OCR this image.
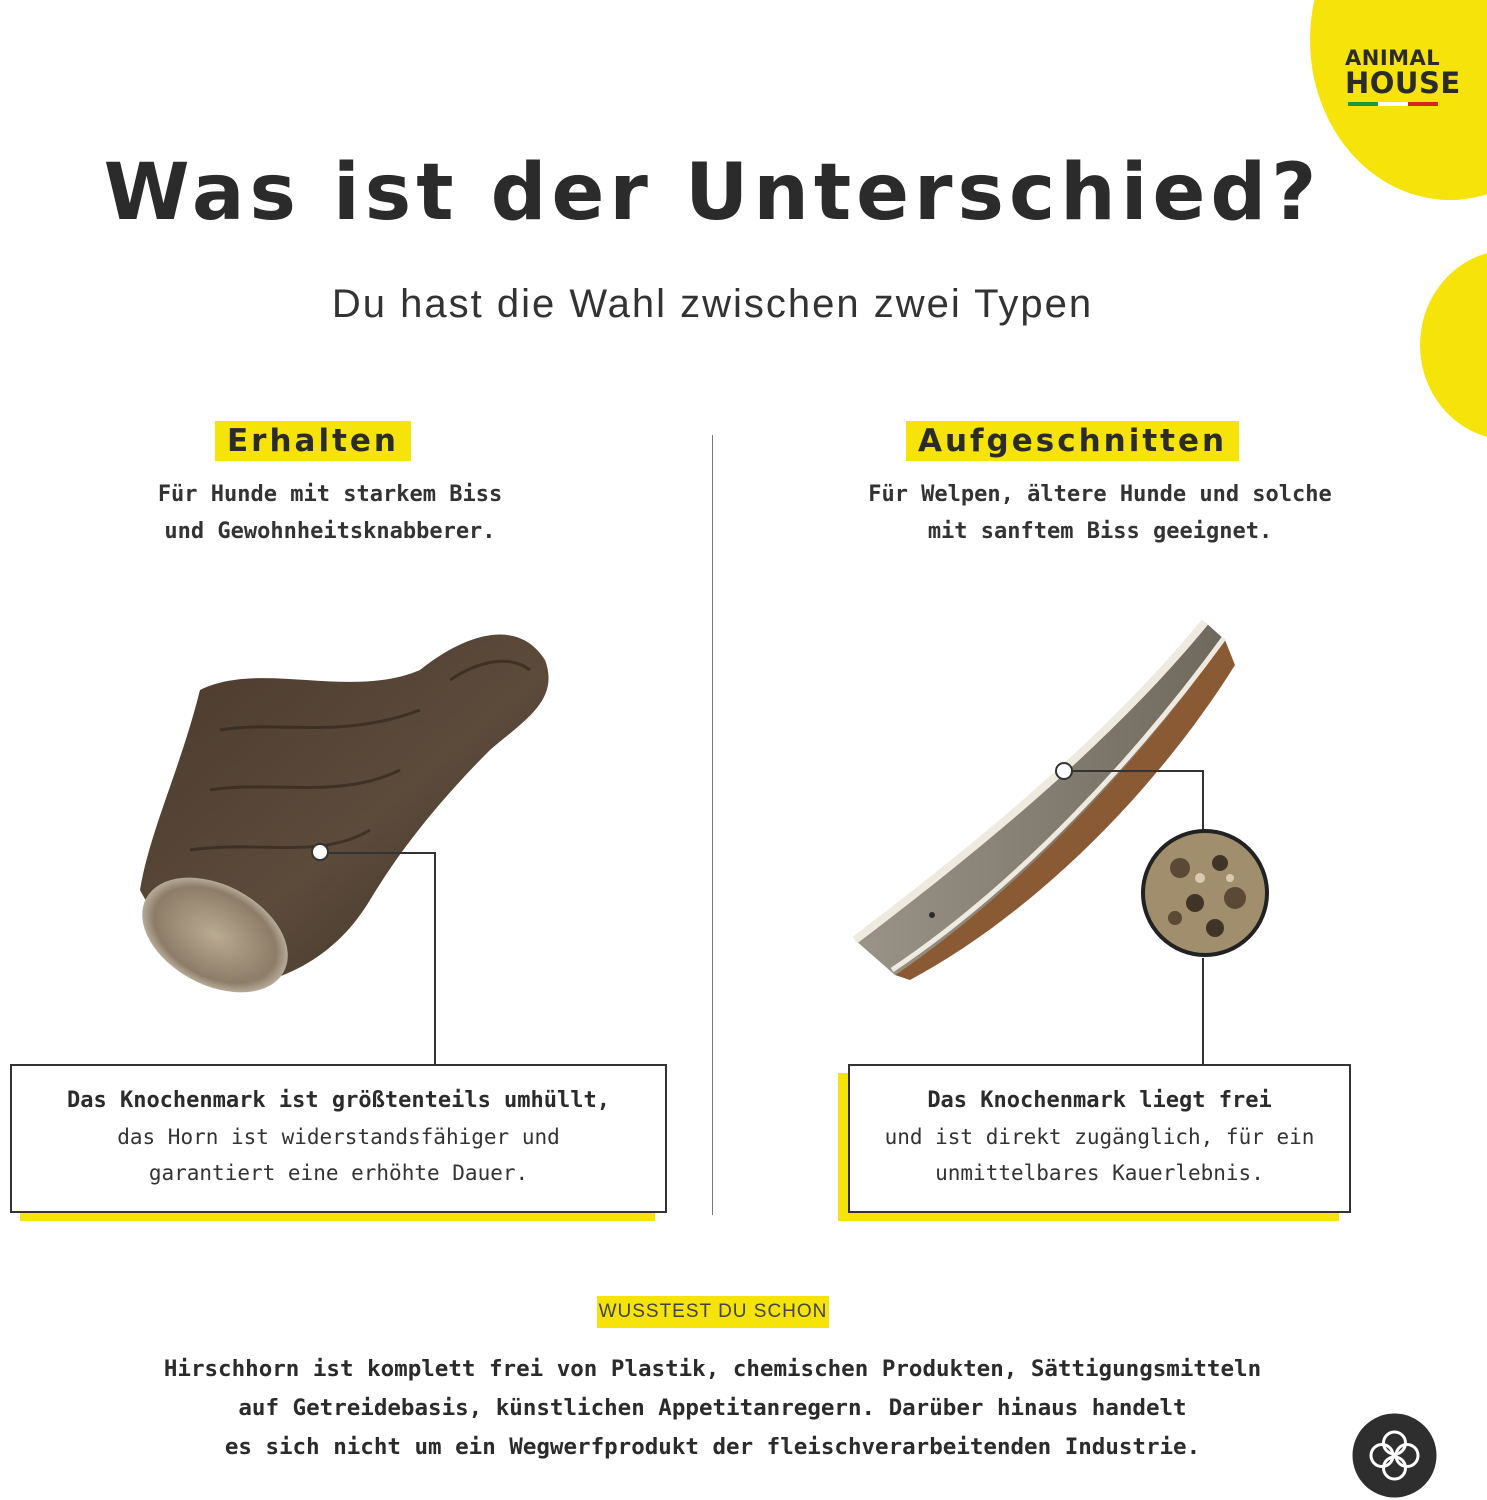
ANIMAL
HOUSE
Was ist der Unterschied?
Du hast die Wahl zwischen zwei Typen
Erhalten
Für Hunde mit starkem Biss
und Gewohnheitsknabberer.
Das Knochenmark ist größtenteils umhüllt,
das Horn ist widerstandsfähiger und
garantiert eine erhöhte Dauer.
Aufgeschnitten
Für Welpen, ältere Hunde und solche
mit sanftem Biss geeignet.
Das Knochenmark liegt frei
und ist direkt zugänglich, für ein
unmittelbares Kauerlebnis.
WUSSTEST DU SCHON
Hirschhorn ist komplett frei von Plastik, chemischen Produkten, Sättigungsmitteln
auf Getreidebasis, künstlichen Appetitanregern. Darüber hinaus handelt
es sich nicht um ein Wegwerfprodukt der fleischverarbeitenden Industrie.
